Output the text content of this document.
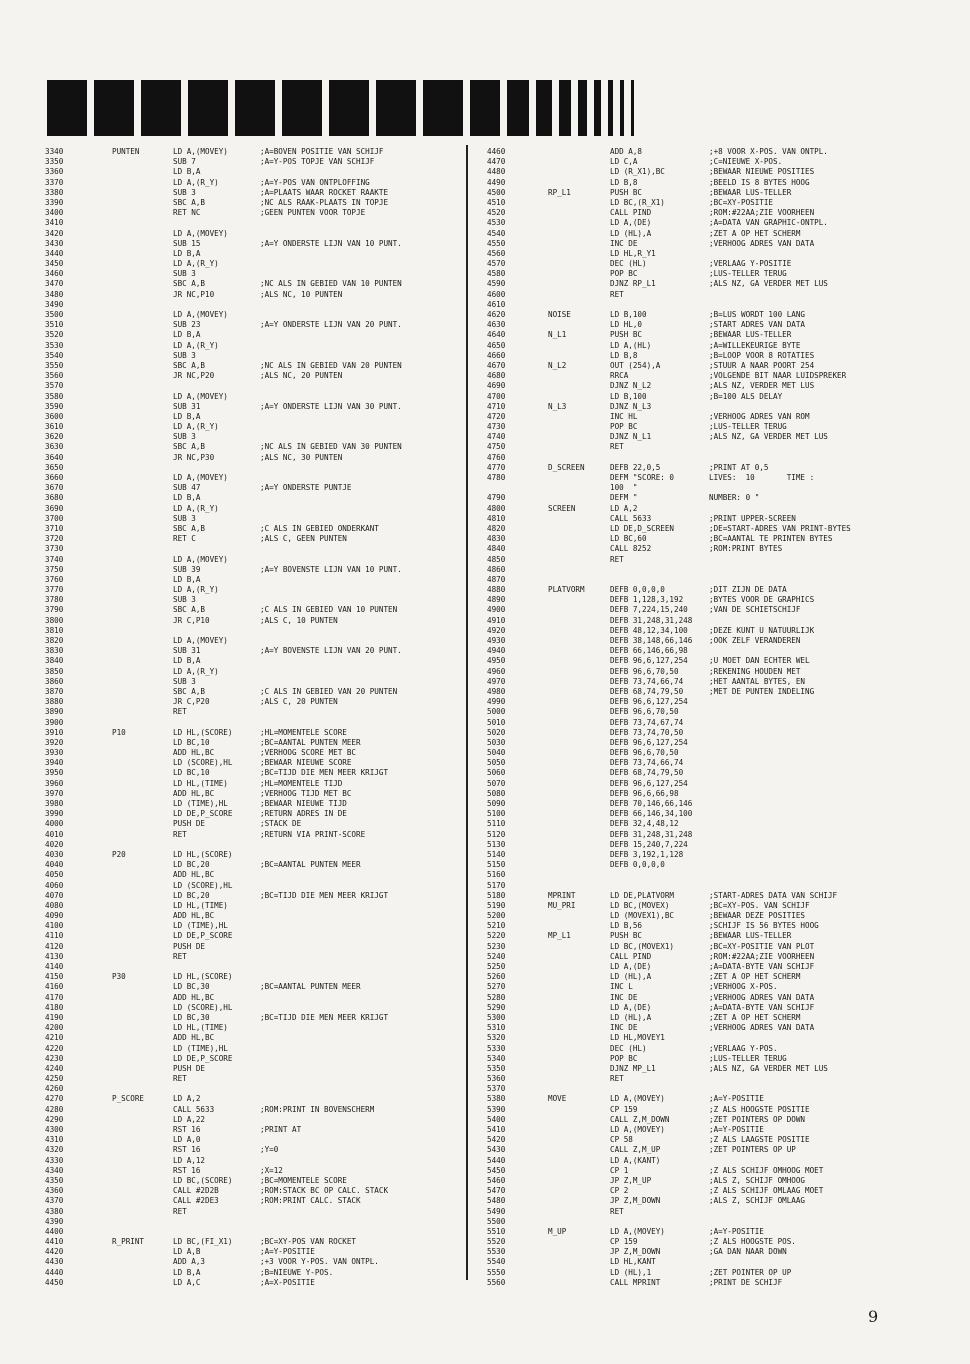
3340	PUNTEN	LD A,(MOVEY)	;A=BOVEN POSITIE VAN SCHIJF
3350	SUB 7	;A=Y-POS TOPJE VAN SCHIJF
3360	LD B,A
3370	LD A,(R_Y)	;A=Y-POS VAN ONTPLOFFING
3380	SUB 3	;A=PLAATS WAAR ROCKET RAAKTE
3390	SBC A,B	;NC ALS RAAK-PLAATS IN TOPJE
3400	RET NC	;GEEN PUNTEN VOOR TOPJE
3410
3420	LD A,(MOVEY)
3430	SUB 15	;A=Y ONDERSTE LIJN VAN 10 PUNT.
3440	LD B,A
3450	LD A,(R_Y)
3460	SUB 3
3470	SBC A,B	;NC ALS IN GEBIED VAN 10 PUNTEN
3480	JR NC,P10	;ALS NC, 10 PUNTEN
3490
3500	LD A,(MOVEY)
3510	SUB 23	;A=Y ONDERSTE LIJN VAN 20 PUNT.
3520	LD B,A
3530	LD A,(R_Y)
3540	SUB 3
3550	SBC A,B	;NC ALS IN GEBIED VAN 20 PUNTEN
3560	JR NC,P20	;ALS NC, 20 PUNTEN
3570
3580	LD A,(MOVEY)
3590	SUB 31	;A=Y ONDERSTE LIJN VAN 30 PUNT.
3600	LD B,A
3610	LD A,(R_Y)
3620	SUB 3
3630	SBC A,B	;NC ALS IN GEBIED VAN 30 PUNTEN
3640	JR NC,P30	;ALS NC, 30 PUNTEN
3650
3660	LD A,(MOVEY)
3670	SUB 47	;A=Y ONDERSTE PUNTJE
3680	LD B,A
3690	LD A,(R_Y)
3700	SUB 3
3710	SBC A,B	;C ALS IN GEBIED ONDERKANT
3720	RET C	;ALS C, GEEN PUNTEN
3730
3740	LD A,(MOVEY)
3750	SUB 39	;A=Y BOVENSTE LIJN VAN 10 PUNT.
3760	LD B,A
3770	LD A,(R_Y)
3780	SUB 3
3790	SBC A,B	;C ALS IN GEBIED VAN 10 PUNTEN
3800	JR C,P10	;ALS C, 10 PUNTEN
3810
3820	LD A,(MOVEY)
3830	SUB 31	;A=Y BOVENSTE LIJN VAN 20 PUNT.
3840	LD B,A
3850	LD A,(R_Y)
3860	SUB 3
3870	SBC A,B	;C ALS IN GEBIED VAN 20 PUNTEN
3880	JR C,P20	;ALS C, 20 PUNTEN
3890	RET
3900
3910	P10	LD HL,(SCORE)	;HL=MOMENTELE SCORE
3920	LD BC,10	;BC=AANTAL PUNTEN MEER
3930	ADD HL,BC	;VERHOOG SCORE MET BC
3940	LD (SCORE),HL	;BEWAAR NIEUWE SCORE
3950	LD BC,10	;BC=TIJD DIE MEN MEER KRIJGT
3960	LD HL,(TIME)	;HL=MOMENTELE TIJD
3970	ADD HL,BC	;VERHOOG TIJD MET BC
3980	LD (TIME),HL	;BEWAAR NIEUWE TIJD
3990	LD DE,P_SCORE	;RETURN ADRES IN DE
4000	PUSH DE	;STACK DE
4010	RET	;RETURN VIA PRINT-SCORE
4020
4030	P20	LD HL,(SCORE)
4040	LD BC,20	;BC=AANTAL PUNTEN MEER
4050	ADD HL,BC
4060	LD (SCORE),HL
4070	LD BC,20	;BC=TIJD DIE MEN MEER KRIJGT
4080	LD HL,(TIME)
4090	ADD HL,BC
4100	LD (TIME),HL
4110	LD DE,P_SCORE
4120	PUSH DE
4130	RET
4140
4150	P30	LD HL,(SCORE)
4160	LD BC,30	;BC=AANTAL PUNTEN MEER
4170	ADD HL,BC
4180	LD (SCORE),HL
4190	LD BC,30	;BC=TIJD DIE MEN MEER KRIJGT
4200	LD HL,(TIME)
4210	ADD HL,BC
4220	LD (TIME),HL
4230	LD DE,P_SCORE
4240	PUSH DE
4250	RET
4260
4270	P_SCORE	LD A,2
4280	CALL 5633	;ROM:PRINT IN BOVENSCHERM
4290	LD A,22
4300	RST 16	;PRINT AT
4310	LD A,0
4320	RST 16	;Y=0
4330	LD A,12
4340	RST 16	;X=12
4350	LD BC,(SCORE)	;BC=MOMENTELE SCORE
4360	CALL #2D2B	;ROM:STACK BC OP CALC. STACK
4370	CALL #2DE3	;ROM:PRINT CALC. STACK
4380	RET
4390
4400
4410	R_PRINT	LD BC,(FI_X1)	;BC=XY-POS VAN ROCKET
4420	LD A,B	;A=Y-POSITIE
4430	ADD A,3	;+3 VOOR Y-POS. VAN ONTPL.
4440	LD B,A	;B=NIEUWE Y-POS.
4450	LD A,C	;A=X-POSITIE
4460	ADD A,8	;+8 VOOR X-POS. VAN ONTPL.
4470	LD C,A	;C=NIEUWE X-POS.
4480	LD (R_X1),BC	;BEWAAR NIEUWE POSITIES
4490	LD B,8	;BEELD IS 8 BYTES HOOG
4500	RP_L1	PUSH BC	;BEWAAR LUS-TELLER
4510	LD BC,(R_X1)	;BC=XY-POSITIE
4520	CALL PIND	;ROM:#22AA;ZIE VOORHEEN
4530	LD A,(DE)	;A=DATA VAN GRAPHIC-ONTPL.
4540	LD (HL),A	;ZET A OP HET SCHERM
4550	INC DE	;VERHOOG ADRES VAN DATA
4560	LD HL,R_Y1
4570	DEC (HL)	;VERLAAG Y-POSITIE
4580	POP BC	;LUS-TELLER TERUG
4590	DJNZ RP_L1	;ALS NZ, GA VERDER MET LUS
4600	RET
4610
4620	NOISE	LD B,100	;B=LUS WORDT 100 LANG
4630	LD HL,0	;START ADRES VAN DATA
4640	N_L1	PUSH BC	;BEWAAR LUS-TELLER
4650	LD A,(HL)	;A=WILLEKEURIGE BYTE
4660	LD B,8	;B=LOOP VOOR 8 ROTATIES
4670	N_L2	OUT (254),A	;STUUR A NAAR POORT 254
4680	RRCA	;VOLGENDE BIT NAAR LUIDSPREKER
4690	DJNZ N_L2	;ALS NZ, VERDER MET LUS
4700	LD B,100	;B=100 ALS DELAY
4710	N_L3	DJNZ N_L3
4720	INC HL	;VERHOOG ADRES VAN ROM
4730	POP BC	;LUS-TELLER TERUG
4740	DJNZ N_L1	;ALS NZ, GA VERDER MET LUS
4750	RET
4760
4770	D_SCREEN	DEFB 22,0,5	;PRINT AT 0,5
4780	DEFM "SCORE: 0	LIVES:  10       TIME :
100  "
4790	DEFM "	NUMBER: 0 "
4800	SCREEN	LD A,2
4810	CALL 5633	;PRINT UPPER-SCREEN
4820	LD DE,D_SCREEN	;DE=START-ADRES VAN PRINT-BYTES
4830	LD BC,60	;BC=AANTAL TE PRINTEN BYTES
4840	CALL 8252	;ROM:PRINT BYTES
4850	RET
4860
4870
4880	PLATVORM	DEFB 0,0,0,0	;DIT ZIJN DE DATA
4890	DEFB 1,128,3,192	;BYTES VOOR DE GRAPHICS
4900	DEFB 7,224,15,240	;VAN DE SCHIETSCHIJF
4910	DEFB 31,248,31,248
4920	DEFB 48,12,34,100	;DEZE KUNT U NATUURLIJK
4930	DEFB 38,148,66,146 ;OOK ZELF VERANDEREN
4940	DEFB 66,146,66,98
4950	DEFB 96,6,127,254	;U MOET DAN ECHTER WEL
4960	DEFB 96,6,70,50	;REKENING HOUDEN MET
4970	DEFB 73,74,66,74	;HET AANTAL BYTES, EN
4980	DEFB 68,74,79,50	;MET DE PUNTEN INDELING
4990	DEFB 96,6,127,254
5000	DEFB 96,6,70,50
5010	DEFB 73,74,67,74
5020	DEFB 73,74,70,50
5030	DEFB 96,6,127,254
5040	DEFB 96,6,70,50
5050	DEFB 73,74,66,74
5060	DEFB 68,74,79,50
5070	DEFB 96,6,127,254
5080	DEFB 96,6,66,98
5090	DEFB 70,146,66,146
5100	DEFB 66,146,34,100
5110	DEFB 32,4,48,12
5120	DEFB 31,248,31,248
5130	DEFB 15,240,7,224
5140	DEFB 3,192,1,128
5150	DEFB 0,0,0,0
5160
5170
5180	MPRINT	LD DE,PLATVORM	;START-ADRES DATA VAN SCHIJF
5190	MU_PRI	LD BC,(MOVEX)	;BC=XY-POS. VAN SCHIJF
5200	LD (MOVEX1),BC	;BEWAAR DEZE POSITIES
5210	LD B,56	;SCHIJF IS 56 BYTES HOOG
5220	MP_L1	PUSH BC	;BEWAAR LUS-TELLER
5230	LD BC,(MOVEX1)	;BC=XY-POSITIE VAN PLOT
5240	CALL PIND	;ROM:#22AA;ZIE VOORHEEN
5250	LD A,(DE)	;A=DATA-BYTE VAN SCHIJF
5260	LD (HL),A	;ZET A OP HET SCHERM
5270	INC L	;VERHOOG X-POS.
5280	INC DE	;VERHOOG ADRES VAN DATA
5290	LD A,(DE)	;A=DATA-BYTE VAN SCHIJF
5300	LD (HL),A	;ZET A OP HET SCHERM
5310	INC DE	;VERHOOG ADRES VAN DATA
5320	LD HL,MOVEY1
5330	DEC (HL)	;VERLAAG Y-POS.
5340	POP BC	;LUS-TELLER TERUG
5350	DJNZ MP_L1	;ALS NZ, GA VERDER MET LUS
5360	RET
5370
5380	MOVE	LD A,(MOVEY)	;A=Y-POSITIE
5390	CP 159	;Z ALS HOOGSTE POSITIE
5400	CALL Z,M_DOWN	;ZET POINTERS OP DOWN
5410	LD A,(MOVEY)	;A=Y-POSITIE
5420	CP 58	;Z ALS LAAGSTE POSITIE
5430	CALL Z,M_UP	;ZET POINTERS OP UP
5440	LD A,(KANT)
5450	CP 1	;Z ALS SCHIJF OMHOOG MOET
5460	JP Z,M_UP	;ALS Z, SCHIJF OMHOOG
5470	CP 2	;Z ALS SCHIJF OMLAAG MOET
5480	JP Z,M_DOWN	;ALS Z, SCHIJF OMLAAG
5490	RET
5500
5510	M_UP	LD A,(MOVEY)	;A=Y-POSITIE
5520	CP 159	;Z ALS HOOGSTE POS.
5530	JP Z,M_DOWN	;GA DAN NAAR DOWN
5540	LD HL,KANT
5550	LD (HL),1	;ZET POINTER OP UP
5560	CALL MPRINT	;PRINT DE SCHIJF
9
